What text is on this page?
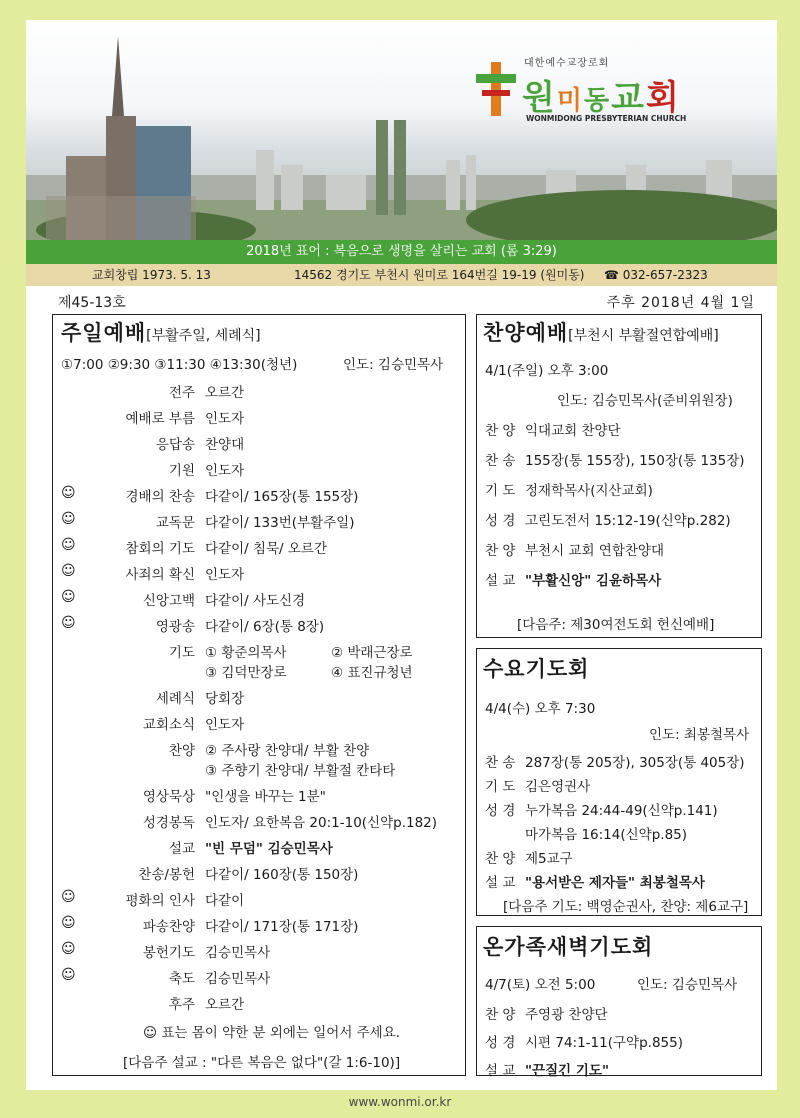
대한예수교장로회
원미동교회
WONMIDONG PRESBYTERIAN CHURCH
2018년 표어 : 복음으로 생명을 살리는 교회 (롬 3:29)
교회창립 1973. 5. 13	14562 경기도 부천시 원미로 164번길 19-19 (원미동) ☎ 032-657-2323
제45-13호	주후 2018년 4월 1일
주일예배[부활주일, 세례식]
①7:00 ②9:30 ③11:30 ④13:30(청년)	인도: 김승민목사
전주 오르간
예배로 부름 인도자
응답송 찬양대
기원 인도자
☺	경배의 찬송 다같이/ 165장(통 155장)
☺	교독문 다같이/ 133번(부활주일)
☺	참회의 기도 다같이/ 침묵/ 오르간
☺	사죄의 확신 인도자
☺	신앙고백 다같이/ 사도신경
☺	영광송 다같이/ 6장(통 8장)
기도 ① 황준의목사	② 박래근장로
③ 김덕만장로	④ 표진규청년
세례식 당회장
교회소식 인도자
찬양 ② 주사랑 찬양대/ 부활 찬양
③ 주향기 찬양대/ 부활절 칸타타
영상묵상 "인생을 바꾸는 1분"
성경봉독 인도자/ 요한복음 20:1-10(신약p.182)
설교 "빈 무덤" 김승민목사
찬송/봉헌 다같이/ 160장(통 150장)
☺	평화의 인사 다같이
☺	파송찬양 다같이/ 171장(통 171장)
☺	봉헌기도 김승민목사
☺	축도 김승민목사
후주 오르간
☺ 표는 몸이 약한 분 외에는 일어서 주세요.
[다음주 설교 : "다른 복음은 없다"(갈 1:6-10)]
찬양예배[부천시 부활절연합예배]
4/1(주일) 오후 3:00
인도: 김승민목사(준비위원장)
찬 양 익대교회 찬양단
찬 송 155장(통 155장), 150장(통 135장)
기 도 정재학목사(지산교회)
성 경 고린도전서 15:12-19(신약p.282)
찬 양 부천시 교회 연합찬양대
설 교 "부활신앙" 김윤하목사
[다음주: 제30여전도회 헌신예배]
수요기도회
4/4(수) 오후 7:30
인도: 최봉철목사
찬 송 287장(통 205장), 305장(통 405장)
기 도 김은영권사
성 경 누가복음 24:44-49(신약p.141)
마가복음 16:14(신약p.85)
찬 양 제5교구
설 교 "용서받은 제자들" 최봉철목사
[다음주 기도: 백영순권사, 찬양: 제6교구]
온가족새벽기도회
4/7(토) 오전 5:00	인도: 김승민목사
찬 양 주영광 찬양단
성 경 시편 74:1-11(구약p.855)
설 교 "끈질긴 기도"
www.wonmi.or.kr
